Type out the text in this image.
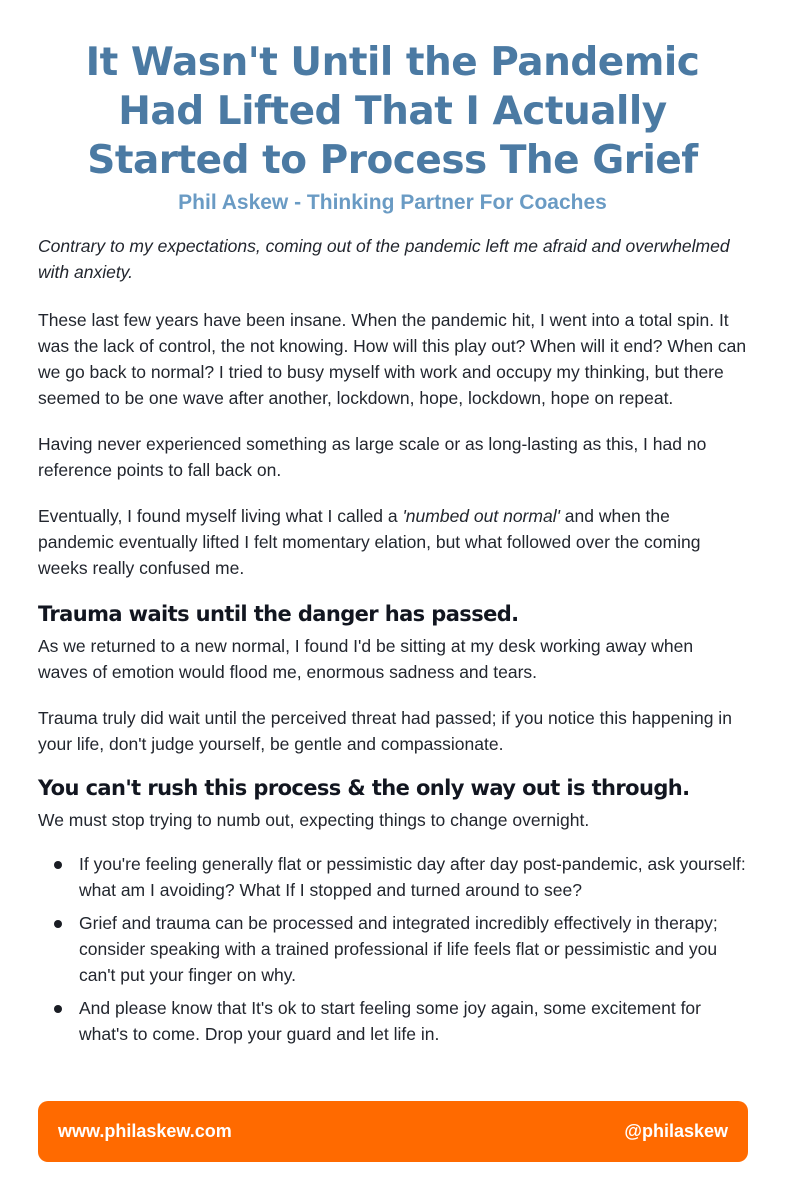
It Wasn't Until the Pandemic Had Lifted That I Actually Started to Process The Grief
Phil Askew - Thinking Partner For Coaches

Contrary to my expectations, coming out of the pandemic left me afraid and overwhelmed with anxiety.

These last few years have been insane. When the pandemic hit, I went into a total spin. It was the lack of control, the not knowing. How will this play out? When will it end? When can we go back to normal? I tried to busy myself with work and occupy my thinking, but there seemed to be one wave after another, lockdown, hope, lockdown, hope on repeat.

Having never experienced something as large scale or as long-lasting as this, I had no reference points to fall back on.

Eventually, I found myself living what I called a 'numbed out normal' and when the pandemic eventually lifted I felt momentary elation, but what followed over the coming weeks really confused me.

Trauma waits until the danger has passed.

As we returned to a new normal, I found I'd be sitting at my desk working away when waves of emotion would flood me, enormous sadness and tears.

Trauma truly did wait until the perceived threat had passed; if you notice this happening in your life, don't judge yourself, be gentle and compassionate.

You can't rush this process & the only way out is through.

We must stop trying to numb out, expecting things to change overnight.

If you're feeling generally flat or pessimistic day after day post-pandemic, ask yourself: what am I avoiding? What If I stopped and turned around to see?
Grief and trauma can be processed and integrated incredibly effectively in therapy; consider speaking with a trained professional if life feels flat or pessimistic and you can't put your finger on why.
And please know that It's ok to start feeling some joy again, some excitement for what's to come. Drop your guard and let life in.
www.philaskew.com	@philaskew
